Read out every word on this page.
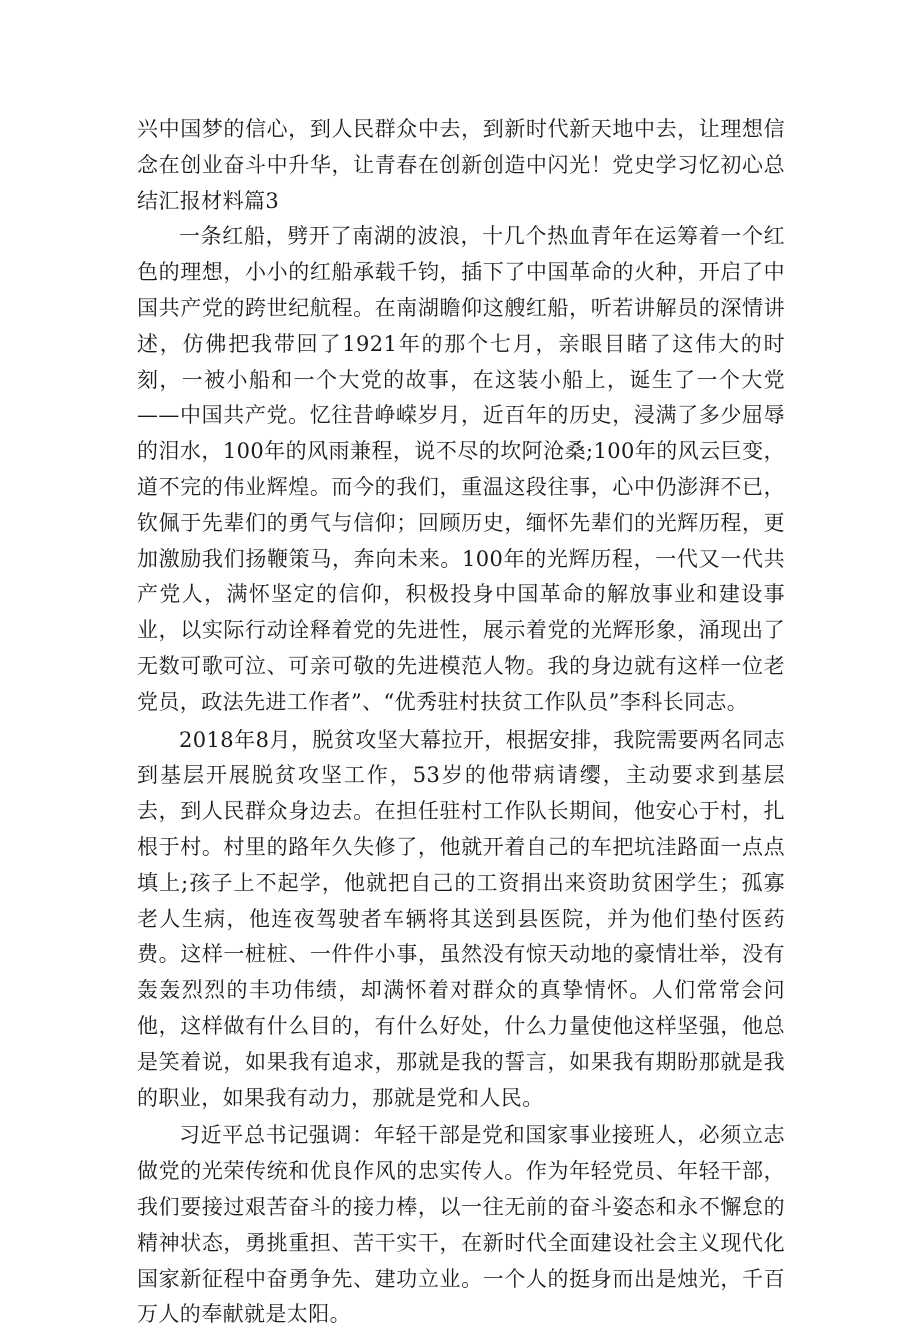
兴中国梦的信心，到人民群众中去，到新时代新天地中去，让理想信念在创业奋斗中升华，让青春在创新创造中闪光！党史学习忆初心总结汇报材料篇3

一条红船，劈开了南湖的波浪，十几个热血青年在运筹着一个红色的理想，小小的红船承载千钧，插下了中国革命的火种，开启了中国共产党的跨世纪航程。在南湖瞻仰这艘红船，听若讲解员的深情讲述，仿佛把我带回了1921年的那个七月，亲眼目睹了这伟大的时刻，一被小船和一个大党的故事，在这装小船上，诞生了一个大党——中国共产党。忆往昔峥嵘岁月，近百年的历史，浸满了多少屈辱的泪水，100年的风雨兼程，说不尽的坎阿沧桑;100年的风云巨变，道不完的伟业辉煌。而今的我们，重温这段往事，心中仍澎湃不已，钦佩于先辈们的勇气与信仰；回顾历史，缅怀先辈们的光辉历程，更加激励我们扬鞭策马，奔向未来。100年的光辉历程，一代又一代共产党人，满怀坚定的信仰，积极投身中国革命的解放事业和建设事业，以实际行动诠释着党的先进性，展示着党的光辉形象，涌现出了无数可歌可泣、可亲可敬的先进模范人物。我的身边就有这样一位老党员，政法先进工作者”、“优秀驻村扶贫工作队员”李科长同志。

2018年8月，脱贫攻坚大幕拉开，根据安排，我院需要两名同志到基层开展脱贫攻坚工作，53岁的他带病请缨，主动要求到基层去，到人民群众身边去。在担任驻村工作队长期间，他安心于村，扎根于村。村里的路年久失修了，他就开着自己的车把坑洼路面一点点填上;孩子上不起学，他就把自己的工资捐出来资助贫困学生；孤寡老人生病，他连夜驾驶者车辆将其送到县医院，并为他们垫付医药费。这样一桩桩、一件件小事，虽然没有惊天动地的豪情壮举，没有轰轰烈烈的丰功伟绩，却满怀着对群众的真挚情怀。人们常常会问他，这样做有什么目的，有什么好处，什么力量使他这样坚强，他总是笑着说，如果我有追求，那就是我的誓言，如果我有期盼那就是我的职业，如果我有动力，那就是党和人民。

习近平总书记强调：年轻干部是党和国家事业接班人，必须立志做党的光荣传统和优良作风的忠实传人。作为年轻党员、年轻干部，我们要接过艰苦奋斗的接力棒，以一往无前的奋斗姿态和永不懈怠的精神状态，勇挑重担、苦干实干，在新时代全面建设社会主义现代化国家新征程中奋勇争先、建功立业。一个人的挺身而出是烛光，千百万人的奉献就是太阳。
